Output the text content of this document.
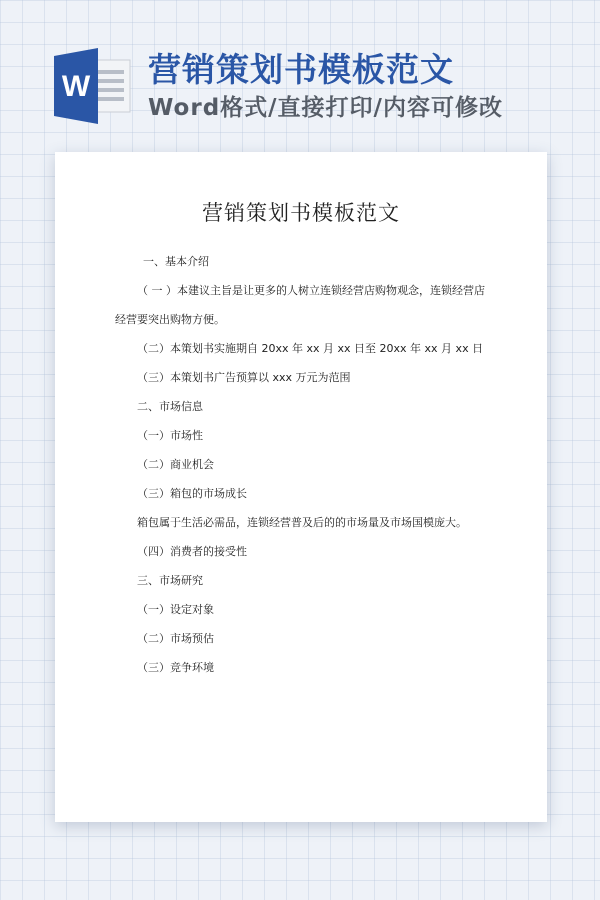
W 营销策划书模板范文
Word格式/直接打印/内容可修改
营销策划书模板范文
一、基本介绍
（ 一 ）本建议主旨是让更多的人树立连锁经营店购物观念，连锁经营店经营要突出购物方便。
（二）本策划书实施期自 20xx 年 xx 月 xx 日至 20xx 年 xx 月 xx 日
（三）本策划书广告预算以 xxx 万元为范围
二、市场信息
（一）市场性
（二）商业机会
（三）箱包的市场成长
箱包属于生活必需品，连锁经营普及后的的市场量及市场国模庞大。
（四）消费者的接受性
三、市场研究
（一）设定对象
（二）市场预估
（三）竞争环境
